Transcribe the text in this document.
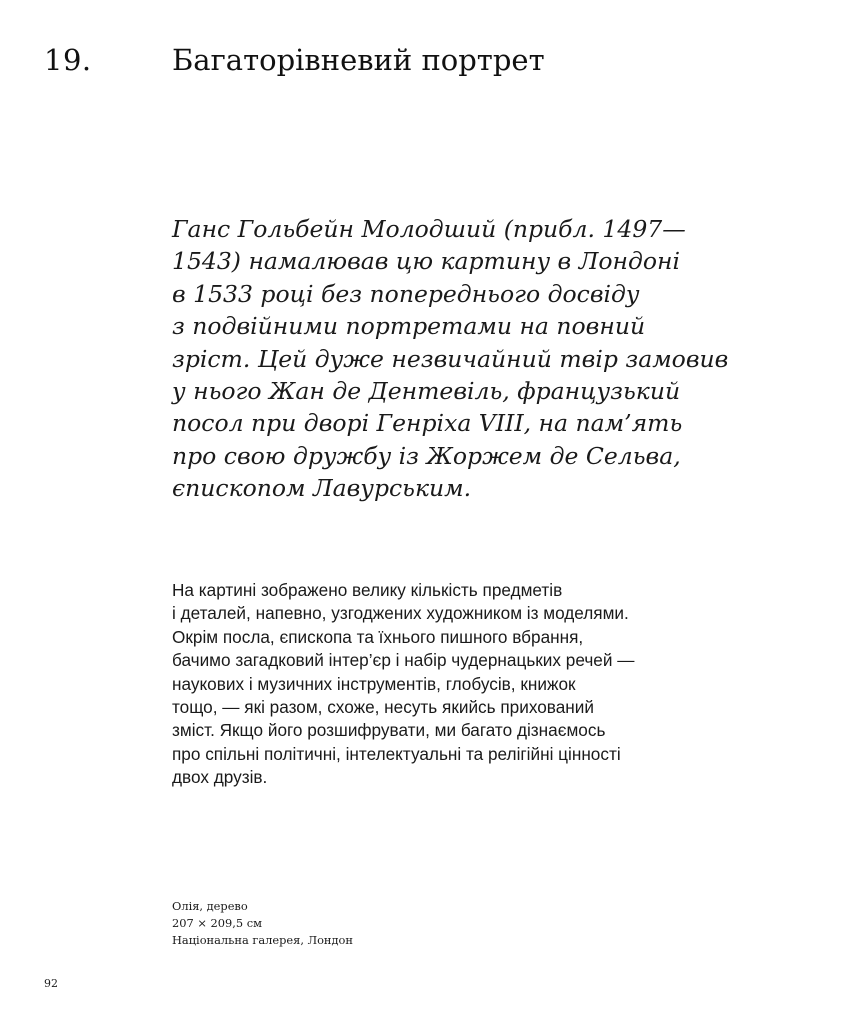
19.	Багаторівневий портрет

Ганс Гольбейн Молодший (прибл. 1497—
1543) намалював цю картину в Лондоні
в 1533 році без попереднього досвіду
з подвійними портретами на повний
зріст. Цей дуже незвичайний твір замовив
у нього Жан де Дентевіль, французький
посол при дворі Генріха VIII, на пам’ять
про свою дружбу із Жоржем де Сельва,
єпископом Лавурським.

На картині зображено велику кількість предметів
і деталей, напевно, узгоджених художником із моделями.
Окрім посла, єпископа та їхнього пишного вбрання,
бачимо загадковий інтер’єр і набір чудернацьких речей —
наукових і музичних інструментів, глобусів, книжок
тощо, — які разом, схоже, несуть якийсь прихований
зміст. Якщо його розшифрувати, ми багато дізнаємось
про спільні політичні, інтелектуальні та релігійні цінності
двох друзів.

Олія, дерево
207 × 209,5 см
Національна галерея, Лондон
92
